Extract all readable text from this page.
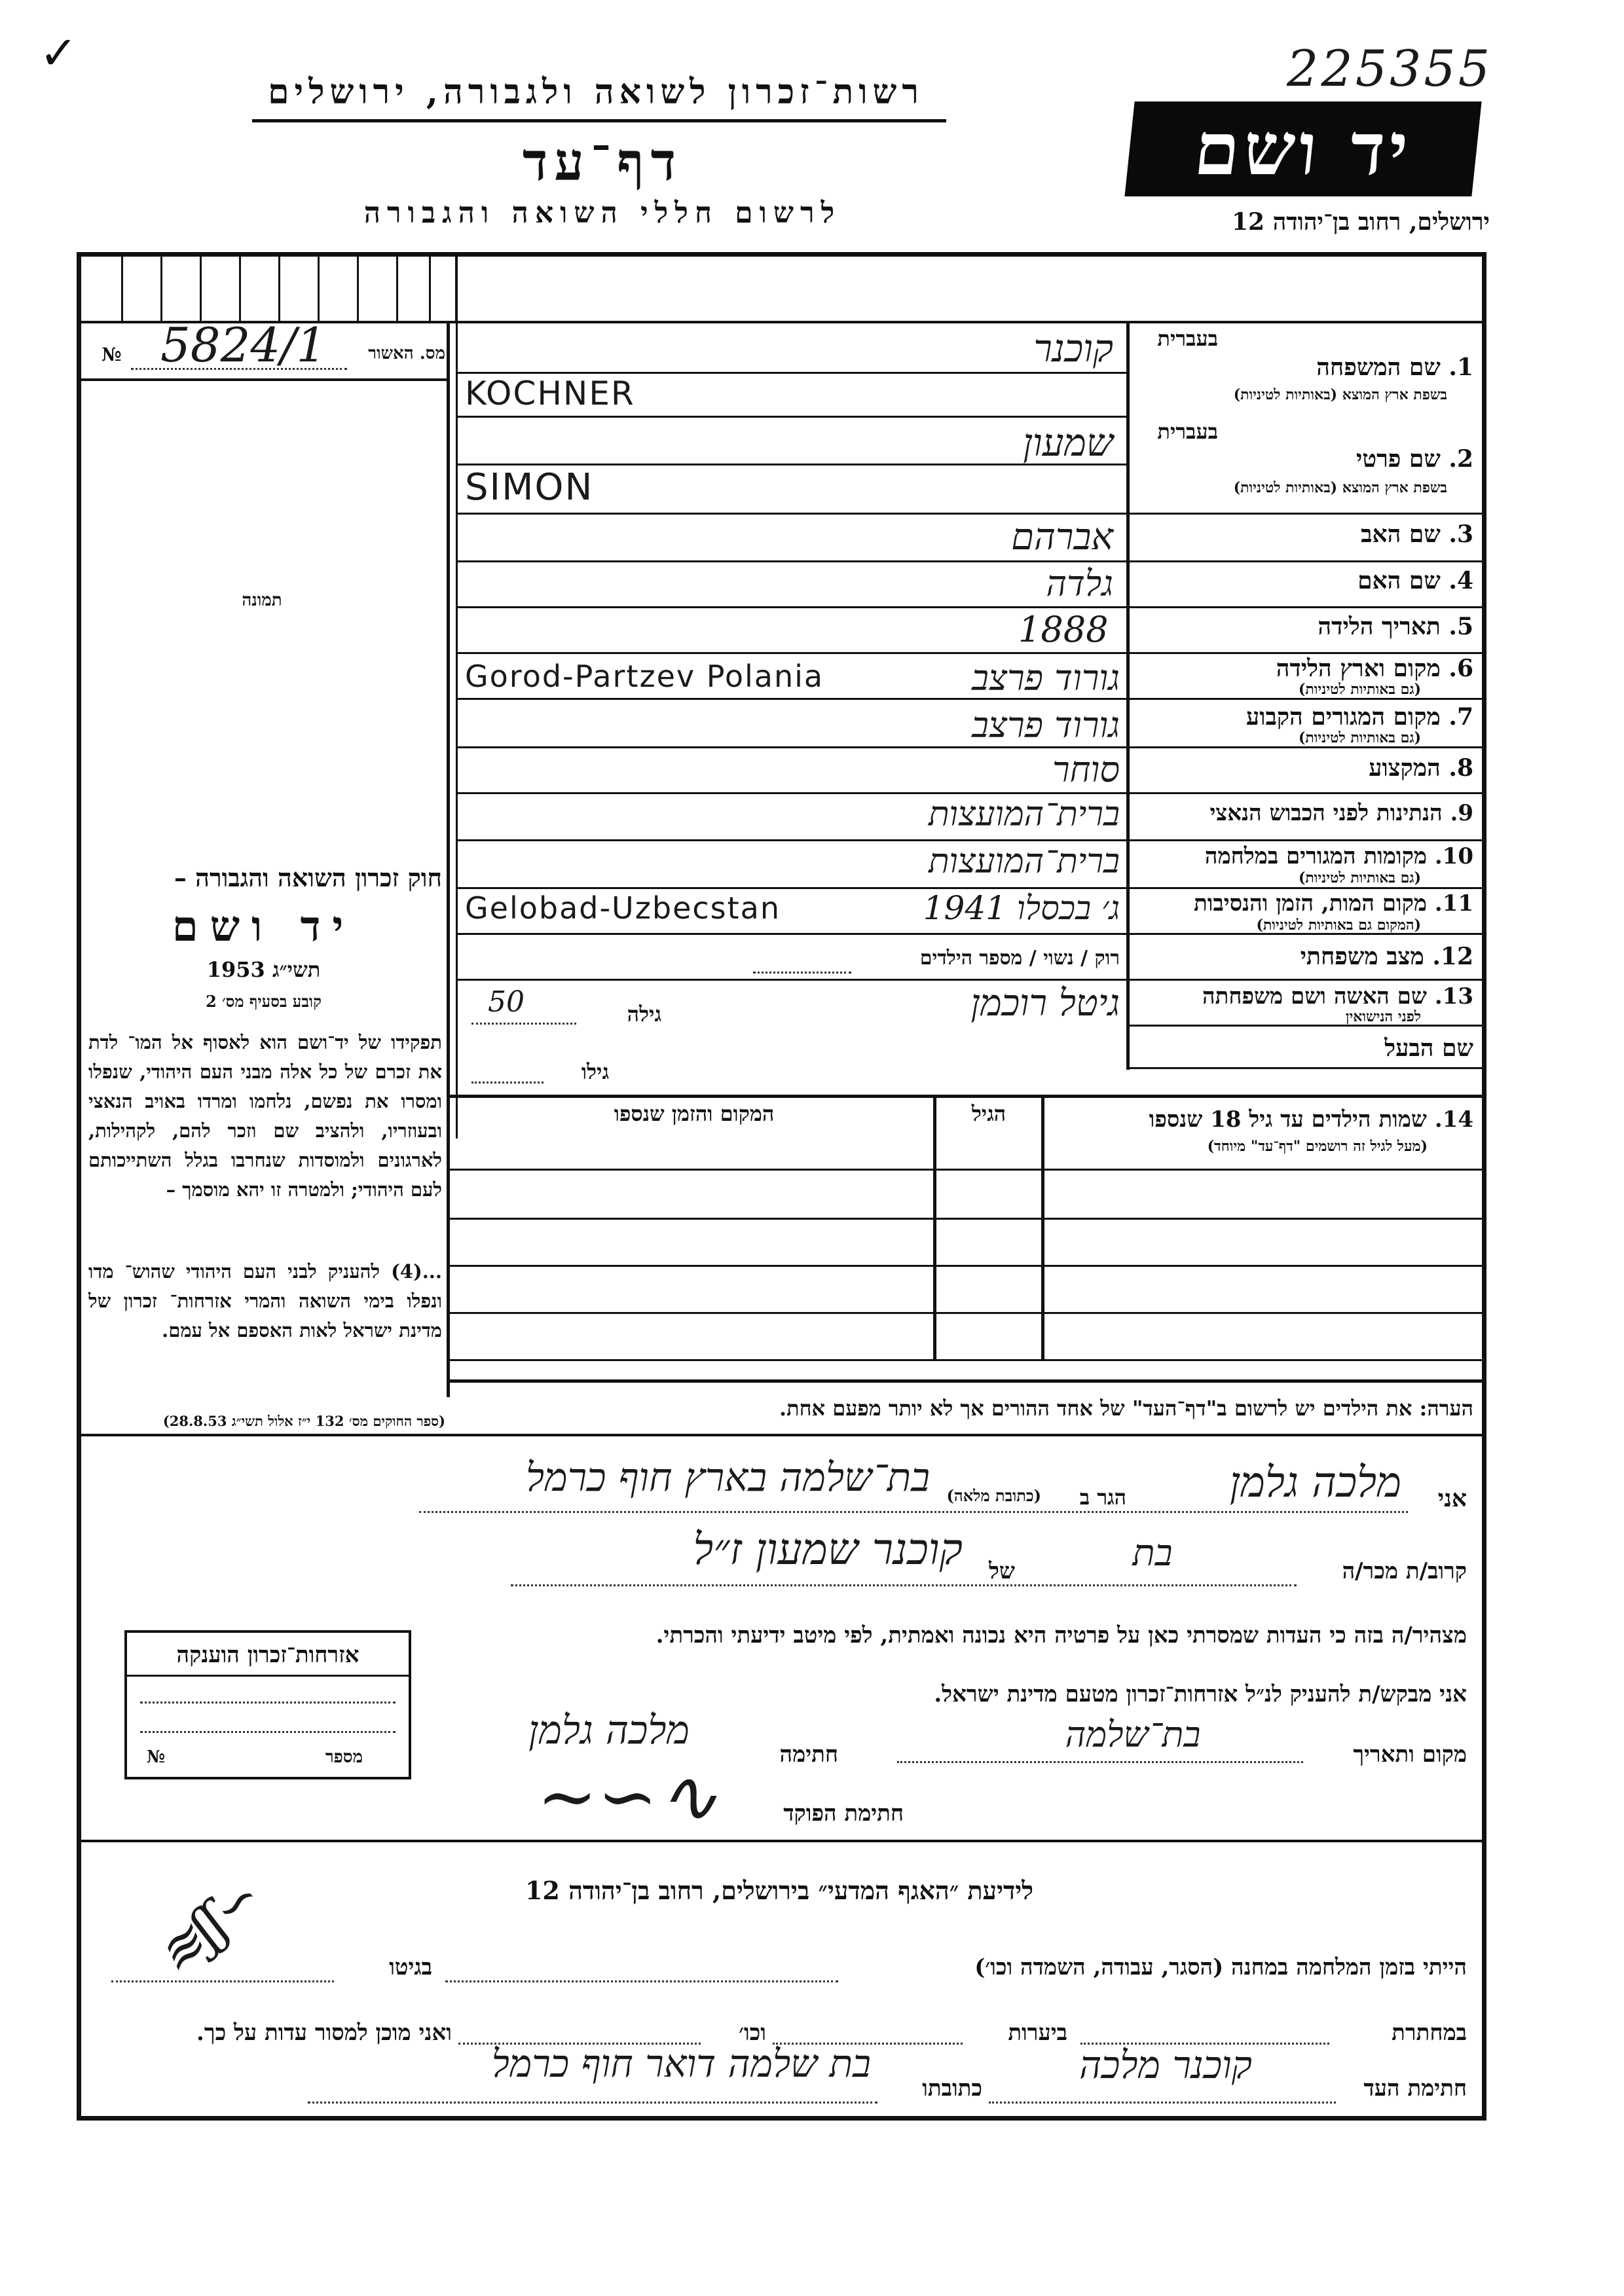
225355
✓
רשות־זכרון לשואה ולגבורה, ירושלים
דף־עד
לרשום חללי השואה והגבורה
יד ושם
ירושלים, רחוב בן־יהודה 12
מס. האשור
№ 5824/1
תמונה
חוק זכרון השואה והגבורה –
יד ושם
תשי״ג 1953
קובע בסעיף מס׳ 2
תפקידו של יד־ושם הוא לאסוף אל המו־ לדת את זכרם של כל אלה מבני העם היהודי, שנפלו ומסרו את נפשם, נלחמו ומרדו באויב הנאצי ובעוזריו, ולהציב שם וזכר להם, לקהילות, לארגונים ולמוסדות שנחרבו בגלל השתייכותם לעם היהודי; ולמטרה זו יהא מוסמך –
...(4) להעניק לבני העם היהודי שהוש־ מדו ונפלו בימי השואה והמרי אזרחות־ זכרון של מדינת ישראל לאות האספם אל עמם.
(ספר החוקים מס׳ 132 י״ז אלול תשי״ג 28.8.53)
בעברית
1. שם המשפחה
בשפת ארץ המוצא (באותיות לטיניות)
קוכנר
KOCHNER
בעברית
2. שם פרטי
בשפת ארץ המוצא (באותיות לטיניות)
שמעון
SIMON
3. שם האב
אברהם
4. שם האם
גלדה
5. תאריך הלידה
1888
6. מקום וארץ הלידה
(גם באותיות לטיניות)
Gorod-Partzev Polania	גורוד פרצב
7. מקום המגורים הקבוע
(גם באותיות לטיניות)
גורוד פרצב
8. המקצוע
סוחר
9. הנתינות לפני הכבוש הנאצי
ברית־המועצות
10. מקומות המגורים במלחמה
(גם באותיות לטיניות)
ברית־המועצות
11. מקום המות, הזמן והנסיבות
(המקום גם באותיות לטיניות)
Gelobad-Uzbecstan	ג׳ בכסלו 1941
12. מצב משפחתי
רוק / נשוי / מספר הילדים
13. שם האשה ושם משפחתה
לפני הנישואין
גיטל רוכמן
גילה
50
שם הבעל
גילו
14. שמות הילדים עד גיל 18 שנספו
(מעל לגיל זה רושמים "דף־עד" מיוחד)
הגיל
המקום והזמן שנספו
הערה: את הילדים יש לרשום ב"דף־העד" של אחד ההורים אך לא יותר מפעם אחת.
אני
מלכה גלמן
הגר ב
(כתובת מלאה)
בת־שלמה בארץ חוף כרמל
קרוב/ת מכר/ה
בת
של
קוכנר שמעון ז״ל
מצהיר/ה בזה כי העדות שמסרתי כאן על פרטיה היא נכונה ואמתית, לפי מיטב ידיעתי והכרתי.
אני מבקש/ת להעניק לנ״ל אזרחות־זכרון מטעם מדינת ישראל.
מקום ותאריך
בת־שלמה
חתימה
מלכה גלמן
חתימת הפוקד
∼∽∿
אזרחות־זכרון הוענקה
מספר
№
לידיעת ״האגף המדעי״ בירושלים, רחוב בן־יהודה 12
≋ʃʃ∽	הייתי בזמן המלחמה במחנה (הסגר, עבודה, השמדה וכו׳)
בגיטו
במחתרת
ביערות
וכו׳
ואני מוכן למסור עדות על כך.
חתימת העד
קוכנר מלכה
כתובתו
בת שלמה דואר חוף כרמל
